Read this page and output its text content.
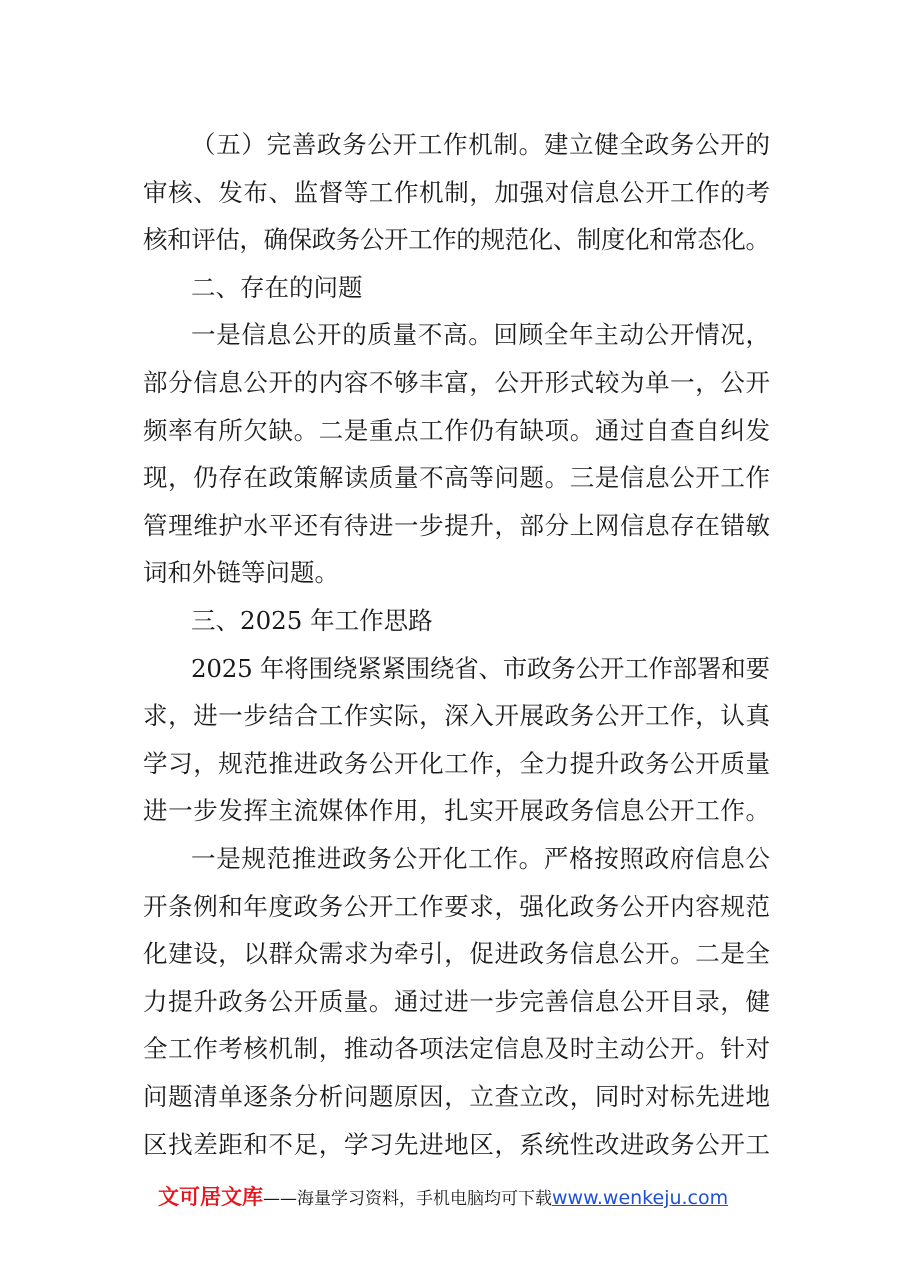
（五）完善政务公开工作机制。建立健全政务公开的
审核、发布、监督等工作机制，加强对信息公开工作的考
核和评估，确保政务公开工作的规范化、制度化和常态化。
二、存在的问题
一是信息公开的质量不高。回顾全年主动公开情况，
部分信息公开的内容不够丰富，公开形式较为单一，公开
频率有所欠缺。二是重点工作仍有缺项。通过自查自纠发
现，仍存在政策解读质量不高等问题。三是信息公开工作
管理维护水平还有待进一步提升，部分上网信息存在错敏
词和外链等问题。
三、2025 年工作思路
2025 年将围绕紧紧围绕省、市政务公开工作部署和要
求，进一步结合工作实际，深入开展政务公开工作，认真
学习，规范推进政务公开化工作，全力提升政务公开质量
进一步发挥主流媒体作用，扎实开展政务信息公开工作。
一是规范推进政务公开化工作。严格按照政府信息公
开条例和年度政务公开工作要求，强化政务公开内容规范
化建设，以群众需求为牵引，促进政务信息公开。二是全
力提升政务公开质量。通过进一步完善信息公开目录，健
全工作考核机制，推动各项法定信息及时主动公开。针对
问题清单逐条分析问题原因，立查立改，同时对标先进地
区找差距和不足，学习先进地区，系统性改进政务公开工
文可居文库——海量学习资料，手机电脑均可下载www.wenkeju.com
